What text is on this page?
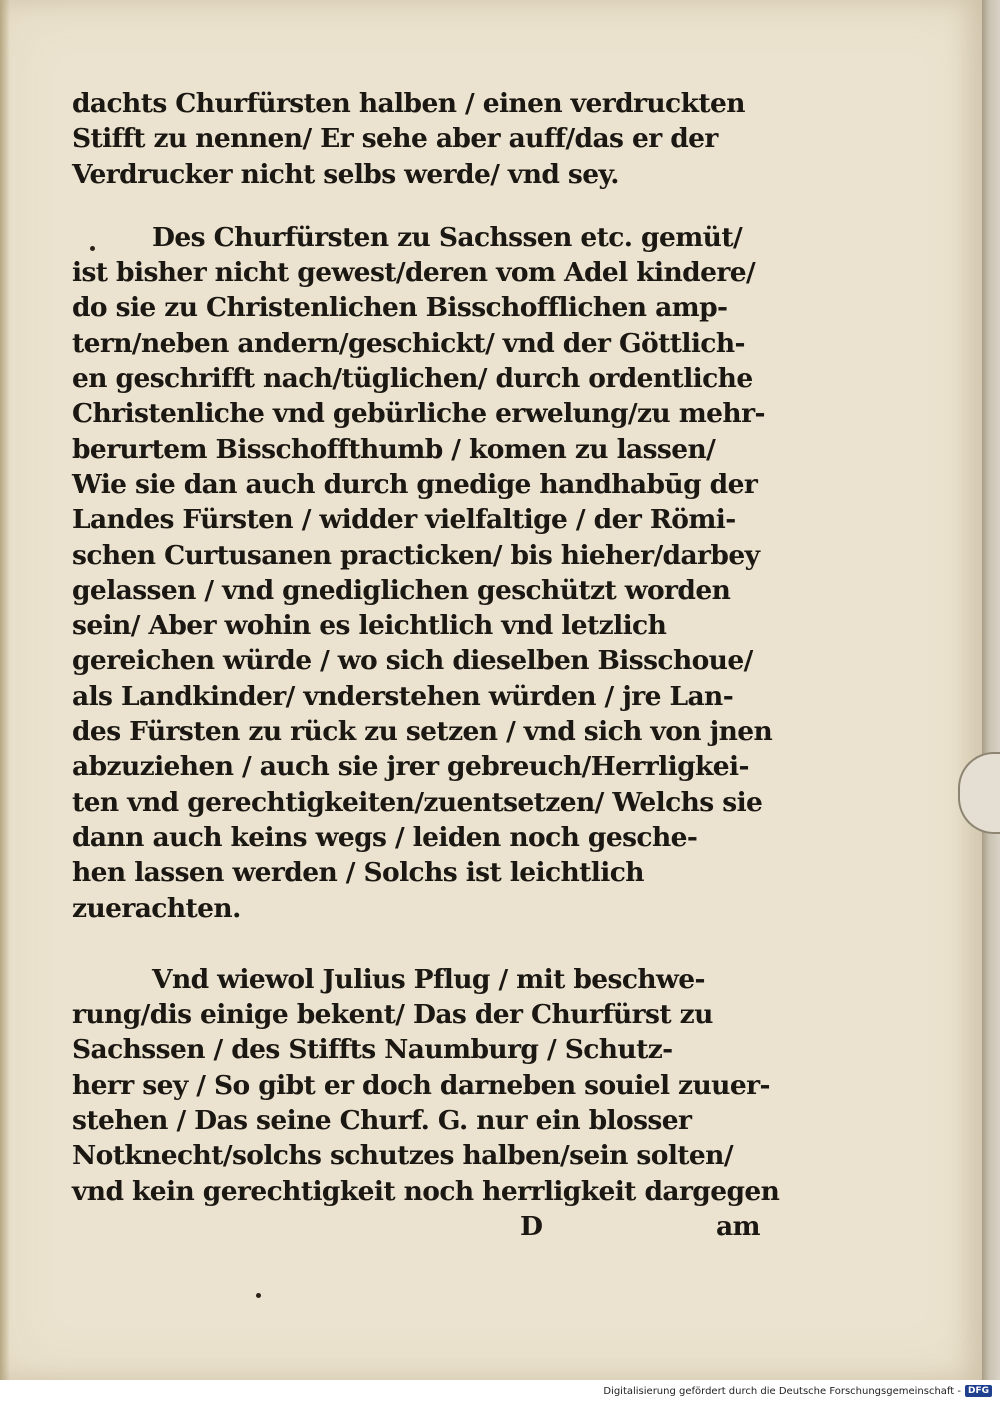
dachts Churfürsten halben / einen verdruckten
Stifft zu nennen/ Er sehe aber auff/das er der
Verdrucker nicht selbs werde/ vnd sey.
Des Churfürsten zu Sachssen etc. gemüt/
ist bisher nicht gewest/deren vom Adel kindere/
do sie zu Christenlichen Bisschofflichen amp-
tern/neben andern/geschickt/ vnd der Göttlich-
en geschrifft nach/tüglichen/ durch ordentliche
Christenliche vnd gebürliche erwelung/zu mehr-
berurtem Bisschoffthumb / komen zu lassen/
Wie sie dan auch durch gnedige handhabūg der
Landes Fürsten / widder vielfaltige / der Römi-
schen Curtusanen practicken/ bis hieher/darbey
gelassen / vnd gnediglichen geschützt worden
sein/ Aber wohin es leichtlich vnd letzlich
gereichen würde / wo sich dieselben Bisschoue/
als Landkinder/ vnderstehen würden / jre Lan-
des Fürsten zu rück zu setzen / vnd sich von jnen
abzuziehen / auch sie jrer gebreuch/Herrligkei-
ten vnd gerechtigkeiten/zuentsetzen/ Welchs sie
dann auch keins wegs / leiden noch gesche-
hen lassen werden / Solchs ist leichtlich
zuerachten.
Vnd wiewol Julius Pflug / mit beschwe-
rung/dis einige bekent/ Das der Churfürst zu
Sachssen / des Stiffts Naumburg / Schutz-
herr sey / So gibt er doch darneben souiel zuuer-
stehen / Das seine Churf. G. nur ein blosser
Notknecht/solchs schutzes halben/sein solten/
vnd kein gerechtigkeit noch herrligkeit dargegen
D	am
Digitalisierung gefördert durch die Deutsche Forschungsgemeinschaft - DFG
